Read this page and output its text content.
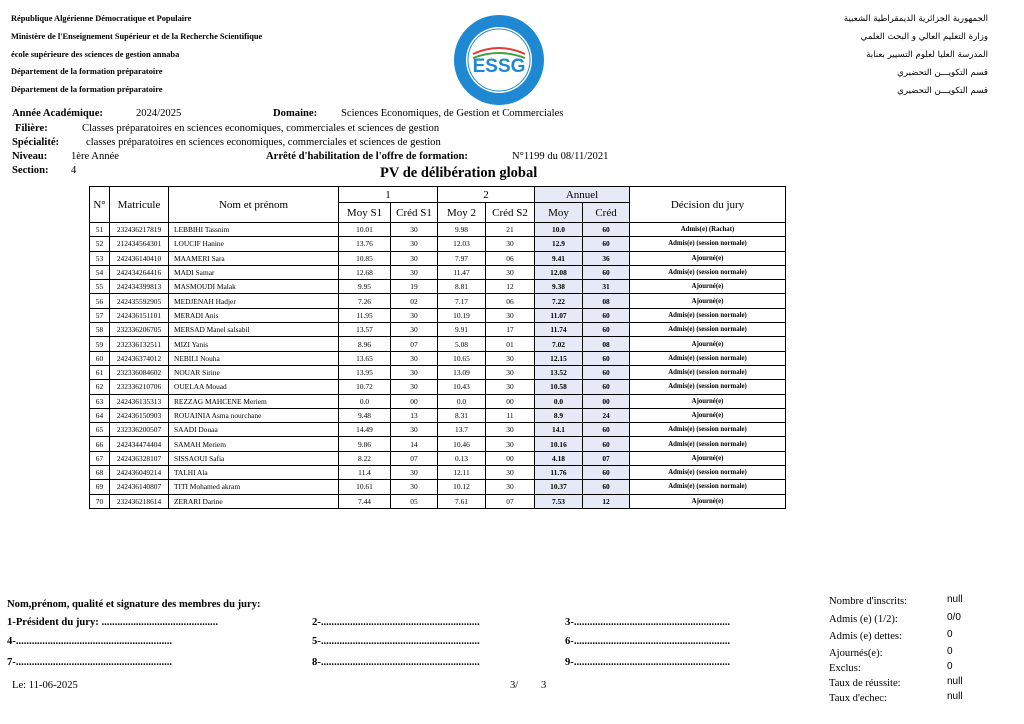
République Algérienne Démocratique et Populaire
Ministère de l'Enseignement Supérieur et de la Recherche Scientifique
école supérieure des sciences de gestion annaba
Département de la formation préparatoire
Département de la formation préparatoire
الجمهورية الجزائرية الديمقراطية الشعبية
وزارة التعليم العالي و البحث العلمي
المدرسة العليا لعلوم التسيير بعنابة
قسم التكويـــن التحضيري
قسم التكويـــن التحضيري
ESSG
Année Académique:	2024/2025	Domaine: Sciences Economiques, de Gestion et Commerciales
Filière:	Classes préparatoires en sciences economiques, commerciales et sciences de gestion
Spécialité:	classes préparatoires en sciences economiques, commerciales et sciences de gestion
Niveau: 1ère Année	Arrêté d'habilitation de l'offre de formation:	N°1199 du 08/11/2021
Section: 4	PV de délibération global
N°	Matricule	Nom et prénom	1		2		Annuel		Décision du jury
			Moy S1	Créd S1	Moy 2	Créd S2	Moy	Créd	
51	232436217819	LEBBIHI Tassnim	10.01	30	9.98	21	10.0	60	Admis(e) (Rachat)
52	212434564301	LOUCIF Hanine	13.76	30	12.03	30	12.9	60	Admis(e) (session normale)
53	242436140410	MAAMERI Sara	10.85	30	7.97	06	9.41	36	Ajourné(e)
54	242434264416	MADI Samar	12.68	30	11.47	30	12.08	60	Admis(e) (session normale)
55	242434399813	MASMOUDI Malak	9.95	19	8.81	12	9.38	31	Ajourné(e)
56	242435592905	MEDJENAH Hadjer	7.26	02	7.17	06	7.22	08	Ajourné(e)
57	242436151101	MERADI Anis	11.95	30	10.19	30	11.07	60	Admis(e) (session normale)
58	232336206705	MERSAD Manel salsabil	13.57	30	9.91	17	11.74	60	Admis(e) (session normale)
59	232336132511	MIZI Yanis	8.96	07	5.08	01	7.02	08	Ajourné(e)
60	242436374012	NEBILI Nouha	13.65	30	10.65	30	12.15	60	Admis(e) (session normale)
61	232336084602	NOUAR Sirine	13.95	30	13.09	30	13.52	60	Admis(e) (session normale)
62	232336210706	OUELAA Mouad	10.72	30	10.43	30	10.58	60	Admis(e) (session normale)
63	242436135313	REZZAG MAHCENE Meriem	0.0	00	0.0	00	0.0	00	Ajourné(e)
64	242436150903	ROUAINIA Asma nourchane	9.48	13	8.31	11	8.9	24	Ajourné(e)
65	232336200507	SAADI Douaa	14.49	30	13.7	30	14.1	60	Admis(e) (session normale)
66	242434474404	SAMAH Meriem	9.86	14	10.46	30	10.16	60	Admis(e) (session normale)
67	242436328107	SISSAOUI Safia	8.22	07	0.13	00	4.18	07	Ajourné(e)
68	242436049214	TALHI Ala	11.4	30	12.11	30	11.76	60	Admis(e) (session normale)
69	242436140807	TITI Mohamed akram	10.61	30	10.12	30	10.37	60	Admis(e) (session normale)
70	232436218614	ZERARI Darine	7.44	05	7.61	07	7.53	12	Ajourné(e)
Nom,prénom, qualité et signature des membres du jury:
1-Président du jury: ............................................	2-............................................................	3-...........................................................
4-...........................................................	5-............................................................	6-...........................................................
7-...........................................................	8-............................................................	9-...........................................................
Le: 11-06-2025	3/ 3
Nombre d'inscrits:	null
Admis (e) (1/2):	0/0
Admis (e) dettes:	0
Ajournés(e):	0
Exclus:	0
Taux de réussite:	null
Taux d'echec:	null
